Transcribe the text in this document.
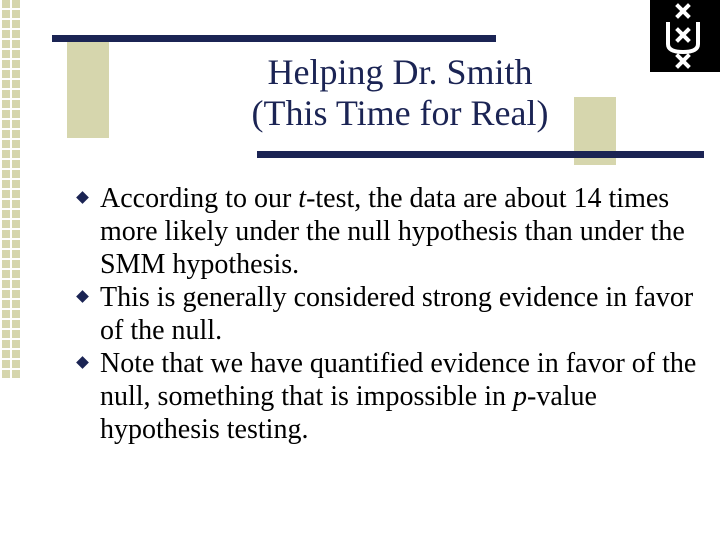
Helping Dr. Smith
(This Time for Real)
According to our t-test, the data are about 14 times more likely under the null hypothesis than under the SMM hypothesis.
This is generally considered strong evidence in favor of the null.
Note that we have quantified evidence in favor of the null, something that is impossible in p-value hypothesis testing.
